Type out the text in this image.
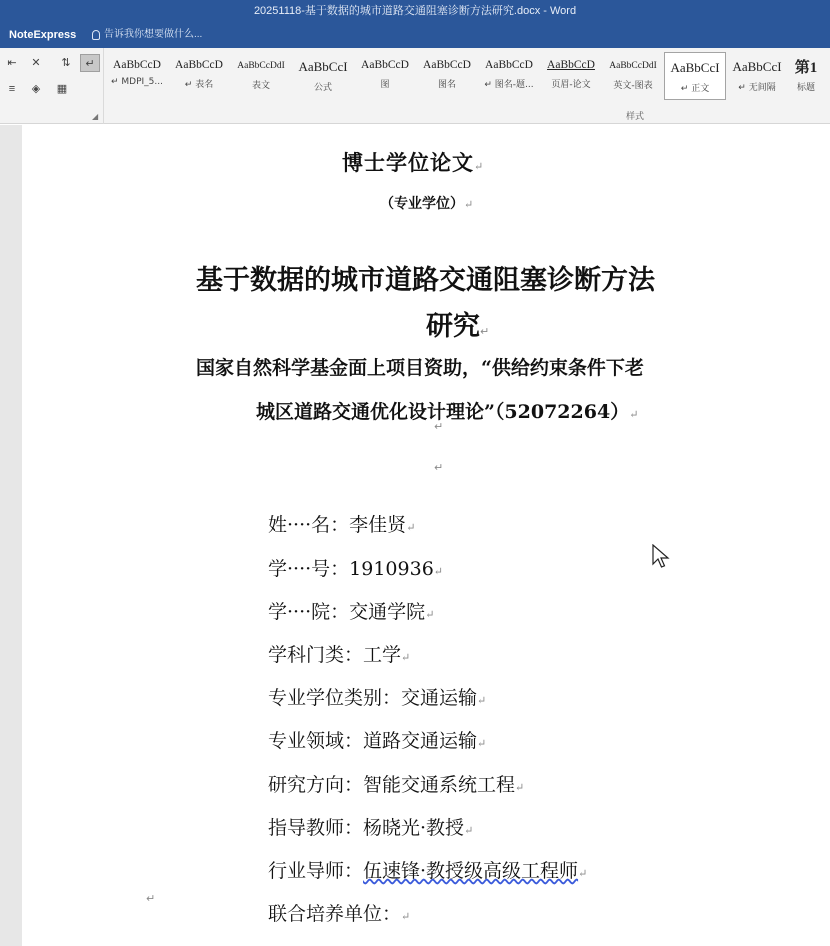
20251118-基于数据的城市道路交通阻塞诊断方法研究.docx - Word
NoteExpress	告诉我你想要做什么...
⇤	✕	⇅	↵
≡	◈	▦
◢
AaBbCcD
↵ MDPI_5...
AaBbCcD
↵ 表名
AaBbCcDdI
表文
AaBbCcI
公式
AaBbCcD
图
AaBbCcD
图名
AaBbCcD
↵ 图名-题...
AaBbCcD
页眉-论文
AaBbCcDdI
英文-图表
AaBbCcI
↵ 正文
AaBbCcI
↵ 无间隔
第1
标题
样式
博士学位论文↵
（专业学位）↵
基于数据的城市道路交通阻塞诊断方法
研究↵
国家自然科学基金面上项目资助，“供给约束条件下老
城区道路交通优化设计理论”（52072264）↵
↵
↵
姓····名：李佳贤↵
学····号：1910936↵
学····院：交通学院↵
学科门类：工学↵
专业学位类别：交通运输↵
专业领域：道路交通运输↵
研究方向：智能交通系统工程↵
指导教师：杨晓光·教授↵
行业导师：伍速锋·教授级高级工程师↵
↵
联合培养单位：↵
